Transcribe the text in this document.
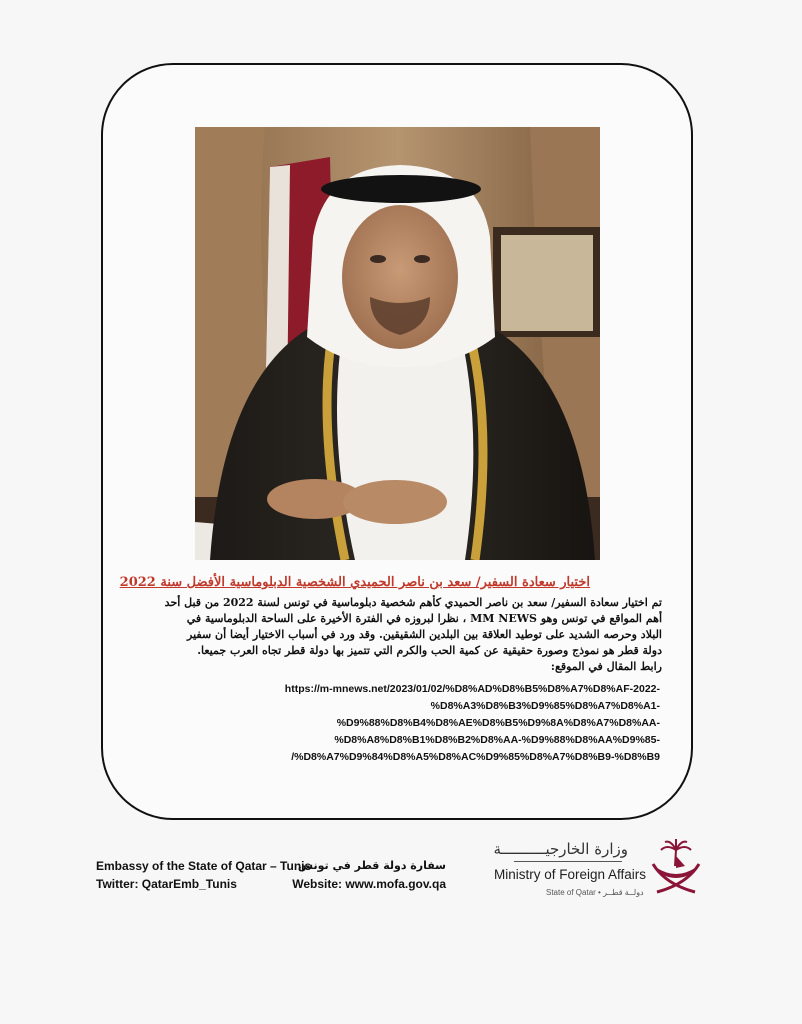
اختيار سعادة السفير/ سعد بن ناصر الحميدي الشخصية الدبلوماسية الأفضل سنة 2022

تم اختيار سعادة السفير/ سعد بن ناصر الحميدي كأهم شخصية دبلوماسية في تونس لسنة 2022 من قبل أحد

أهم المواقع في تونس وهو MM NEWS ، نظرا لبروزه في الفترة الأخيرة على الساحة الدبلوماسية في

البلاد وحرصه الشديد على توطيد العلاقة بين البلدين الشقيقين. وقد ورد في أسباب الاختيار أيضا أن سفير

دولة قطر هو نموذج وصورة حقيقية عن كمية الحب والكرم التي تتميز بها دولة قطر تجاه العرب جميعا.

رابط المقال في الموقع:

https://m-mnews.net/2023/01/02/%D8%AD%D8%B5%D8%A7%D8%AF-2022-
%D8%A3%D8%B3%D9%85%D8%A7%D8%A1-
%D9%88%D8%B4%D8%AE%D8%B5%D9%8A%D8%A7%D8%AA-
%D8%A8%D8%B1%D8%B2%D8%AA-%D9%88%D8%AA%D9%85-
/%D8%A7%D9%84%D8%A5%D8%AC%D9%85%D8%A7%D8%B9-%D8%B9
Embassy of the State of Qatar – Tunis
سفارة دولة قطر في تونس
Twitter: QatarEmb_Tunis	Website: www.mofa.gov.qa
وزارة الخارجيــــــــــة
Ministry of Foreign Affairs
State of Qatar • دولــة قطــر
